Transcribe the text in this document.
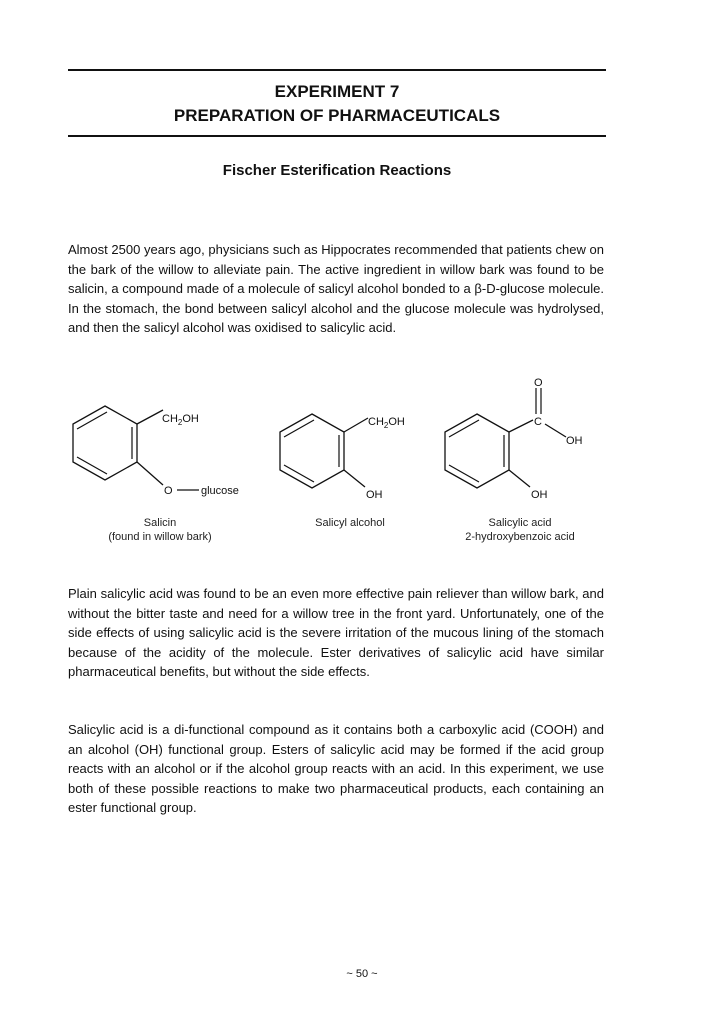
EXPERIMENT 7
PREPARATION OF PHARMACEUTICALS
Fischer Esterification Reactions

Almost 2500 years ago, physicians such as Hippocrates recommended that patients chew on the bark of the willow to alleviate pain. The active ingredient in willow bark was found to be salicin, a compound made of a molecule of salicyl alcohol bonded to a β-D-glucose molecule. In the stomach, the bond between salicyl alcohol and the glucose molecule was hydrolysed, and then the salicyl alcohol was oxidised to salicylic acid.

$CH_2OH$
O	glucose
$CH_2OH$
OH
O
C
OH
OH
Salicin
(found in willow bark)
Salicyl alcohol	Salicylic acid
2-hydroxybenzoic acid

Plain salicylic acid was found to be an even more effective pain reliever than willow bark, and without the bitter taste and need for a willow tree in the front yard. Unfortunately, one of the side effects of using salicylic acid is the severe irritation of the mucous lining of the stomach because of the acidity of the molecule. Ester derivatives of salicylic acid have similar pharmaceutical benefits, but without the side effects.

Salicylic acid is a di-functional compound as it contains both a carboxylic acid (COOH) and an alcohol (OH) functional group. Esters of salicylic acid may be formed if the acid group reacts with an alcohol or if the alcohol group reacts with an acid. In this experiment, we use both of these possible reactions to make two pharmaceutical products, each containing an ester functional group.

~ 50 ~
